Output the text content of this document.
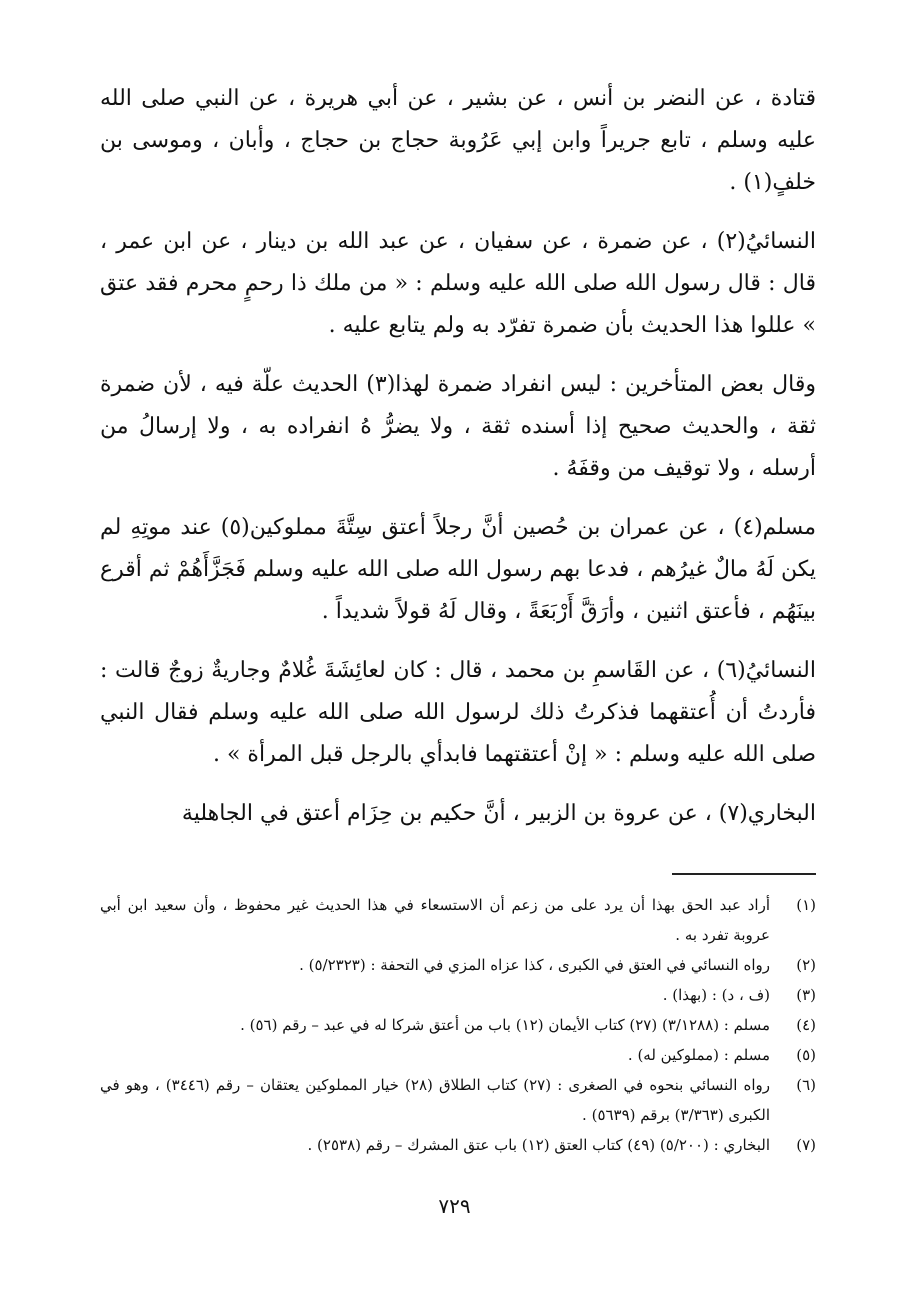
قتادة ، عن النضر بن أنس ، عن بشير ، عن أبي هريرة ، عن النبي صلى الله عليه وسلم ، تابع جريراً وابن إبي عَرُوبة حجاج بن حجاج ، وأبان ، وموسى بن خلفٍ(١) .

النسائيُ(٢) ، عن ضمرة ، عن سفيان ، عن عبد الله بن دينار ، عن ابن عمر ، قال : قال رسول الله صلى الله عليه وسلم : « من ملك ذا رحمٍ محرم فقد عتق » عللوا هذا الحديث بأن ضمرة تفرّد به ولم يتابع عليه .

وقال بعض المتأخرين : ليس انفراد ضمرة لهذا(٣) الحديث علّة فيه ، لأن ضمرة ثقة ، والحديث صحيح إذا أسنده ثقة ، ولا يضرُّ هُ انفراده به ، ولا إرسالُ من أرسله ، ولا توقيف من وقفَهُ .

مسلم(٤) ، عن عمران بن حُصين أنَّ رجلاً أعتق سِتَّةَ مملوكين(٥) عند موتِهِ لم يكن لَهُ مالٌ غيرُهم ، فدعا بهم رسول الله صلى الله عليه وسلم فَجَزَّأَهُمْ ثم أقرع بينَهُم ، فأعتق اثنين ، وأرَقَّ أَرْبَعَةً ، وقال لَهُ قولاً شديداً .

النسائيُ(٦) ، عن القَاسمِ بن محمد ، قال : كان لعائِشَةَ غُلامٌ وجاريةٌ زوجٌ قالت : فأردتُ أن أُعتقهما فذكرتُ ذلك لرسول الله صلى الله عليه وسلم فقال النبي صلى الله عليه وسلم : « إنْ أعتقتهما فابدأي بالرجل قبل المرأة » .

البخاري(٧) ، عن عروة بن الزبير ، أنَّ حكيم بن حِزَام أعتق في الجاهلية

(١)
أراد عبد الحق بهذا أن يرد على من زعم أن الاستسعاء في هذا الحديث غير محفوظ ، وأن سعيد ابن أبي عروبة تفرد به .
(٢)
رواه النسائي في العتق في الكبرى ، كذا عزاه المزي في التحفة : (٥/٢٣٢٣) .
(٣)
(ف ، د) : (بهذا) .
(٤)
مسلم : (٣/١٢٨٨) (٢٧) كتاب الأيمان (١٢) باب من أعتق شركا له في عبد – رقم (٥٦) .
(٥)
مسلم : (مملوكين له) .
(٦)
رواه النسائي بنحوه في الصغرى : (٢٧) كتاب الطلاق (٢٨) خيار المملوكين يعتقان – رقم (٣٤٤٦) ، وهو في الكبرى (٣/٣٦٣) برقم (٥٦٣٩) .
(٧)
البخاري : (٥/٢٠٠) (٤٩) كتاب العتق (١٢) باب عتق المشرك – رقم (٢٥٣٨) .
٧٢٩
